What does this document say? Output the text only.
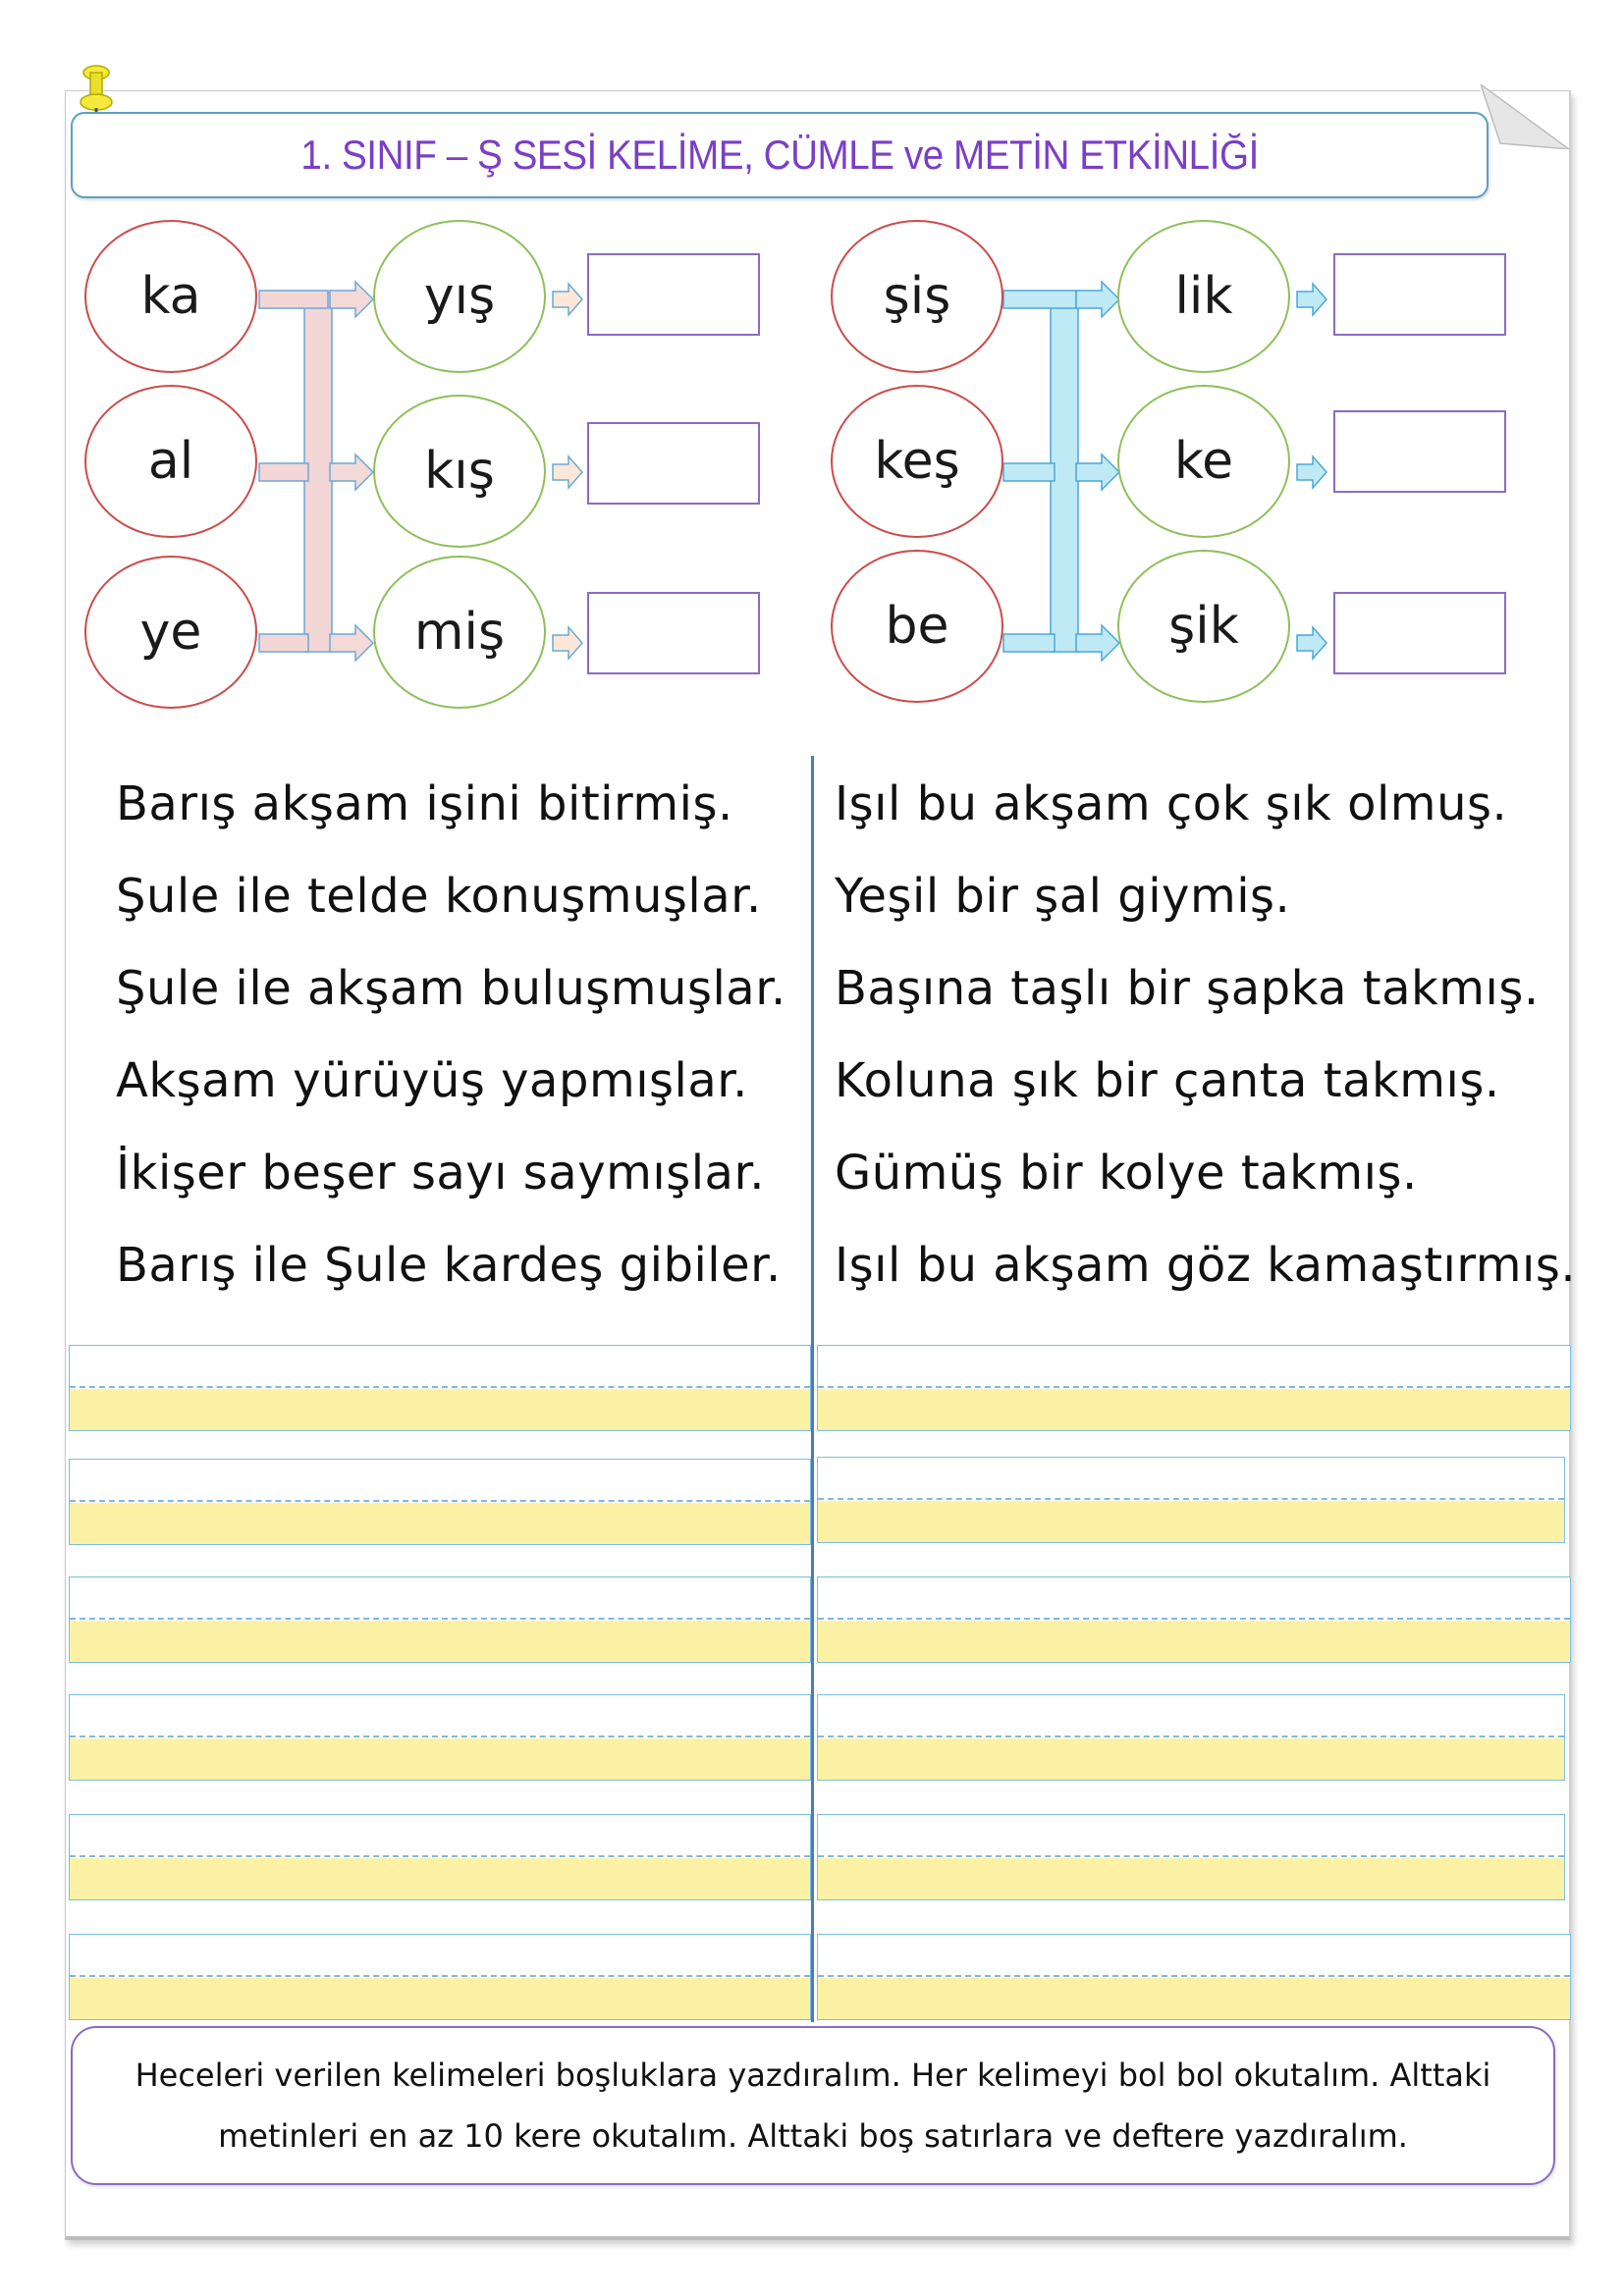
1. SINIF – Ş SESİ KELİME, CÜMLE ve METİN ETKİNLİĞİ
ka
al
ye
yış
kış
miş
şiş
keş
be
lik
ke
şik
Barış akşam işini bitirmiş.
Şule ile telde konuşmuşlar.
Şule ile akşam buluşmuşlar.
Akşam yürüyüş yapmışlar.
İkişer beşer sayı saymışlar.
Barış ile Şule kardeş gibiler.
Işıl bu akşam çok şık olmuş.
Yeşil bir şal giymiş.
Başına taşlı bir şapka takmış.
Koluna şık bir çanta takmış.
Gümüş bir kolye takmış.
Işıl bu akşam göz kamaştırmış.
Heceleri verilen kelimeleri boşluklara yazdıralım. Her kelimeyi bol bol okutalım. Alttaki
metinleri en az 10 kere okutalım. Alttaki boş satırlara ve deftere yazdıralım.
